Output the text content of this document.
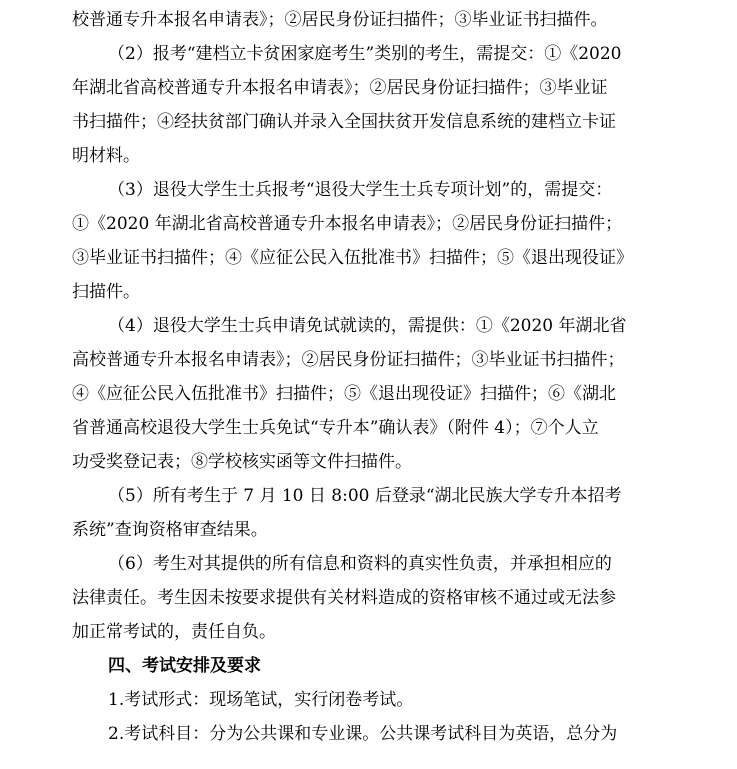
校普通专升本报名申请表》；②居民身份证扫描件；③毕业证书扫描件。
（2）报考“建档立卡贫困家庭考生”类别的考生，需提交：①《2020
年湖北省高校普通专升本报名申请表》；②居民身份证扫描件；③毕业证
书扫描件；④经扶贫部门确认并录入全国扶贫开发信息系统的建档立卡证
明材料。
（3）退役大学生士兵报考“退役大学生士兵专项计划”的，需提交：
①《2020 年湖北省高校普通专升本报名申请表》；②居民身份证扫描件；
③毕业证书扫描件；④《应征公民入伍批准书》扫描件；⑤《退出现役证》
扫描件。
（4）退役大学生士兵申请免试就读的，需提供：①《2020 年湖北省
高校普通专升本报名申请表》；②居民身份证扫描件；③毕业证书扫描件；
④《应征公民入伍批准书》扫描件；⑤《退出现役证》扫描件；⑥《湖北
省普通高校退役大学生士兵免试“专升本”确认表》（附件 4）；⑦个人立
功受奖登记表；⑧学校核实函等文件扫描件。
（5）所有考生于 7 月 10 日 8:00 后登录“湖北民族大学专升本招考
系统”查询资格审查结果。
（6）考生对其提供的所有信息和资料的真实性负责，并承担相应的
法律责任。考生因未按要求提供有关材料造成的资格审核不通过或无法参
加正常考试的，责任自负。
四、考试安排及要求
1.考试形式：现场笔试，实行闭卷考试。
2.考试科目：分为公共课和专业课。公共课考试科目为英语，总分为
